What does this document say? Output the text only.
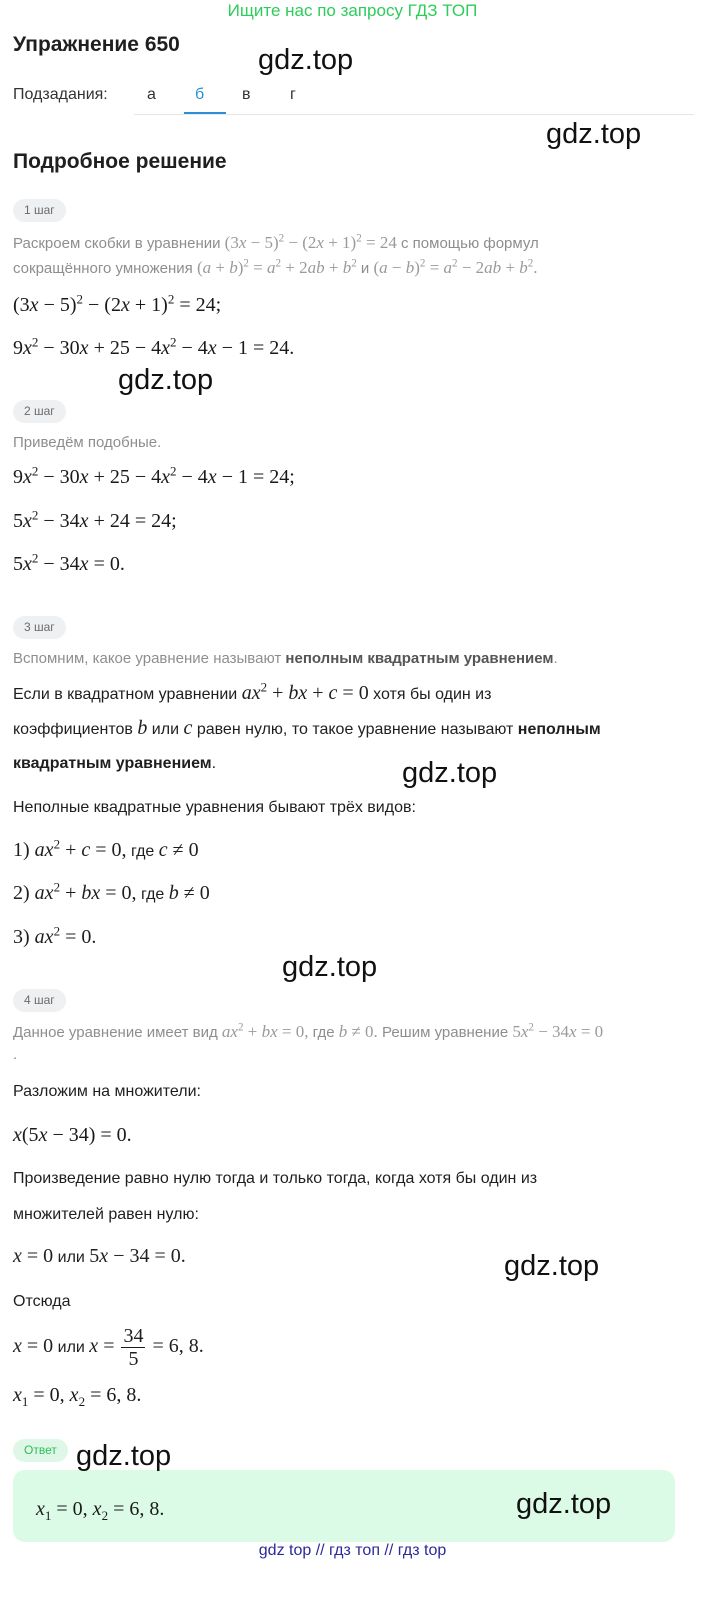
Ищите нас по запросу ГДЗ ТОП
Упражнение 650
Подзадания: а б в г
Подробное решение
1 шаг
Раскроем скобки в уравнении $(3x - 5)^2 - (2x + 1)^2 = 24$ с помощью формул
сокращённого умножения $(a + b)^2 = a^2 + 2ab + b^2$ и $(a - b)^2 = a^2 - 2ab + b^2$.
$(3x - 5)^2 - (2x + 1)^2 = 24$;
$9x^2 - 30x + 25 - 4x^2 - 4x - 1 = 24$.
2 шаг
Приведём подобные.
$9x^2 - 30x + 25 - 4x^2 - 4x - 1 = 24$;
$5x^2 - 34x + 24 = 24$;
$5x^2 - 34x = 0$.
3 шаг
Вспомним, какое уравнение называют неполным квадратным уравнением.
Если в квадратном уравнении $ax^2$ + bx + c = 0 хотя бы один из
коэффициентов b или c равен нулю, то такое уравнение называют неполным
квадратным уравнением.
Неполные квадратные уравнения бывают трёх видов:
1) $ax^2 + c = 0$, где c ≠ 0
2) $ax^2$ + bx = 0, где b ≠ 0
3) $ax^2 = 0$.
4 шаг
Данное уравнение имеет вид $ax^2$ + bx = 0, где b ≠ 0. Решим уравнение $5x^2 - 34x = 0$
.
Разложим на множители:
x(5x − 34) = 0.
Произведение равно нулю тогда и только тогда, когда хотя бы один из
множителей равен нулю:
x = 0 или 5x − 34 = 0.
Отсюда
x = 0 или $x = \frac{34}{5} = 6$, 8.
$x_1 = 0$, $x_2 = 6$, 8.
Ответ
$x_1 = 0$, $x_2 = 6$, 8.
gdz.top
gdz.top
gdz.top
gdz.top
gdz.top
gdz.top
gdz.top
gdz.top
gdz top // гдз топ // гдз top
